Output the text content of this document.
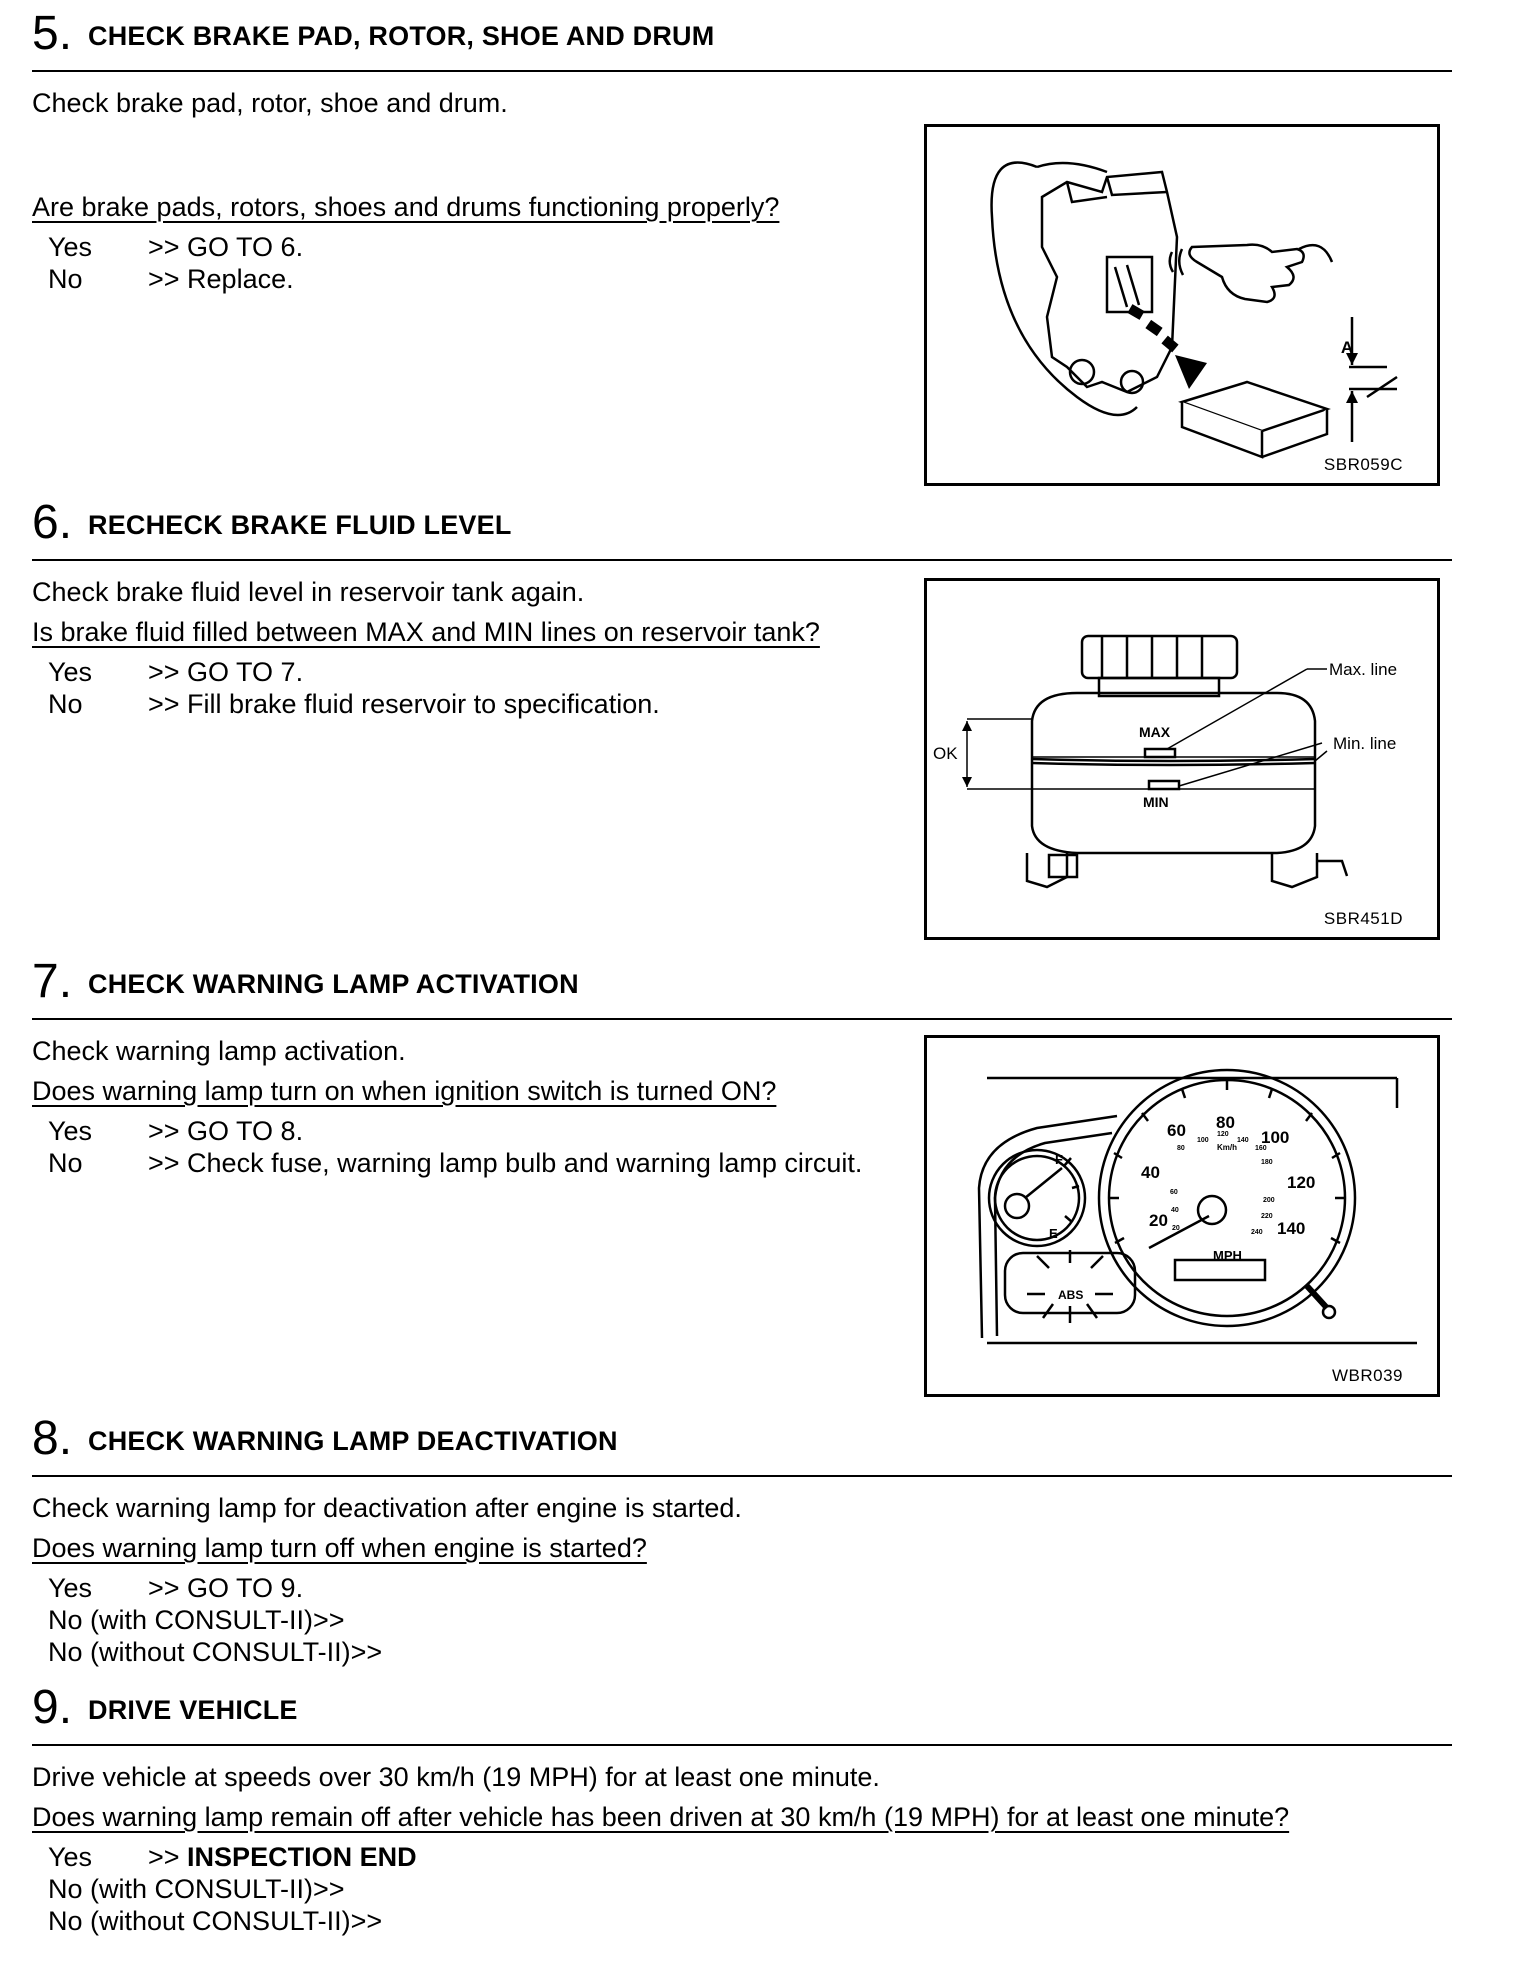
5. CHECK BRAKE PAD, ROTOR, SHOE AND DRUM
Check brake pad, rotor, shoe and drum.
Are brake pads, rotors, shoes and drums functioning properly?
Yes >> GO TO 6.
No >> Replace.
A
SBR059C
6. RECHECK BRAKE FLUID LEVEL
Check brake fluid level in reservoir tank again.
Is brake fluid filled between MAX and MIN lines on reservoir tank?
Yes >> GO TO 7.
No >> Fill brake fluid reservoir to specification.
Max. line
Min. line
MAX
MIN
OK
SBR451D
7. CHECK WARNING LAMP ACTIVATION
Check warning lamp activation.
Does warning lamp turn on when ignition switch is turned ON?
Yes >> GO TO 8.
No >> Check fuse, warning lamp bulb and warning lamp circuit.
ABS
F
E
MPH
Km/h
20
40
60 80
100
120
140
20
40
60
80
100
120
140
160
180
200
220
240
WBR039
8. CHECK WARNING LAMP DEACTIVATION
Check warning lamp for deactivation after engine is started.
Does warning lamp turn off when engine is started?
Yes >> GO TO 9.
No (with CONSULT-II)>>
No (without CONSULT-II)>>
9. DRIVE VEHICLE
Drive vehicle at speeds over 30 km/h (19 MPH) for at least one minute.
Does warning lamp remain off after vehicle has been driven at 30 km/h (19 MPH) for at least one minute?
Yes >> INSPECTION END
No (with CONSULT-II)>>
No (without CONSULT-II)>>
